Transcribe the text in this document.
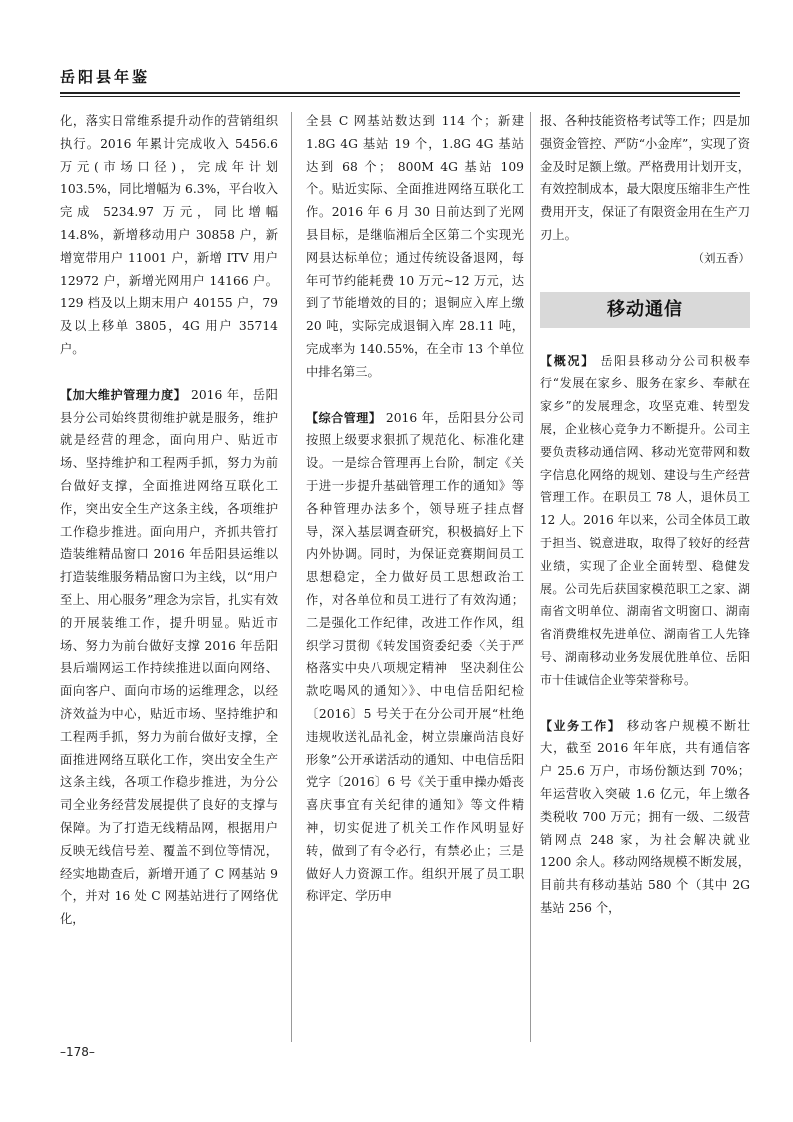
岳阳县年鉴

化，落实日常维系提升动作的营销组织执行。2016 年累计完成收入 5456.6 万元(市场口径)，完成年计划 103.5%，同比增幅为 6.3%，平台收入完成 5234.97 万元，同比增幅 14.8%，新增移动用户 30858 户，新增宽带用户 11001 户，新增 ITV 用户 12972 户，新增光网用户 14166 户。129 档及以上期末用户 40155 户，79 及以上移单 3805，4G 用户 35714 户。

【加大维护管理力度】 2016 年，岳阳县分公司始终贯彻维护就是服务，维护就是经营的理念，面向用户、贴近市场、坚持维护和工程两手抓，努力为前台做好支撑，全面推进网络互联化工作，突出安全生产这条主线，各项维护工作稳步推进。面向用户，齐抓共管打造装维精品窗口 2016 年岳阳县运维以打造装维服务精品窗口为主线，以“用户至上、用心服务”理念为宗旨，扎实有效的开展装维工作，提升明显。贴近市场、努力为前台做好支撑 2016 年岳阳县后端网运工作持续推进以面向网络、面向客户、面向市场的运维理念，以经济效益为中心，贴近市场、坚持维护和工程两手抓，努力为前台做好支撑，全面推进网络互联化工作，突出安全生产这条主线，各项工作稳步推进，为分公司全业务经营发展提供了良好的支撑与保障。为了打造无线精品网，根据用户反映无线信号差、覆盖不到位等情况，经实地勘查后，新增开通了 C 网基站 9 个，并对 16 处 C 网基站进行了网络优化，

全县 C 网基站数达到 114 个；新建 1.8G 4G 基站 19 个，1.8G 4G 基站达到 68 个； 800M 4G 基站 109 个。贴近实际、全面推进网络互联化工作。2016 年 6 月 30 日前达到了光网县目标，是继临湘后全区第二个实现光网县达标单位；通过传统设备退网，每年可节约能耗费 10 万元~12 万元，达到了节能增效的目的；退铜应入库上缴 20 吨，实际完成退铜入库 28.11 吨，完成率为 140.55%，在全市 13 个单位中排名第三。

【综合管理】 2016 年，岳阳县分公司按照上级要求狠抓了规范化、标准化建设。一是综合管理再上台阶，制定《关于进一步提升基础管理工作的通知》等各种管理办法多个，领导班子挂点督导，深入基层调查研究，积极搞好上下内外协调。同时，为保证竞赛期间员工思想稳定，全力做好员工思想政治工作，对各单位和员工进行了有效沟通；二是强化工作纪律，改进工作作风，组织学习贯彻《转发国资委纪委〈关于严格落实中央八项规定精神　坚决刹住公款吃喝风的通知〉》、中电信岳阳纪检〔2016〕5 号关于在分公司开展“杜绝违规收送礼品礼金，树立崇廉尚洁良好形象”公开承诺活动的通知、中电信岳阳党字〔2016〕6 号《关于重申操办婚丧喜庆事宜有关纪律的通知》等文件精神，切实促进了机关工作作风明显好转，做到了有令必行，有禁必止；三是做好人力资源工作。组织开展了员工职称评定、学历申

报、各种技能资格考试等工作；四是加强资金管控、严防“小金库”，实现了资金及时足额上缴。严格费用计划开支，有效控制成本，最大限度压缩非生产性费用开支，保证了有限资金用在生产刀刃上。

（刘五香）

移动通信

【概况】 岳阳县移动分公司积极奉行“发展在家乡、服务在家乡、奉献在家乡”的发展理念，攻坚克难、转型发展，企业核心竞争力不断提升。公司主要负责移动通信网、移动光宽带网和数字信息化网络的规划、建设与生产经营管理工作。在职员工 78 人，退休员工 12 人。2016 年以来，公司全体员工敢于担当、锐意进取，取得了较好的经营业绩，实现了企业全面转型、稳健发展。公司先后获国家模范职工之家、湖南省文明单位、湖南省文明窗口、湖南省消费维权先进单位、湖南省工人先锋号、湖南移动业务发展优胜单位、岳阳市十佳诚信企业等荣誉称号。

【业务工作】 移动客户规模不断壮大，截至 2016 年年底，共有通信客户 25.6 万户，市场份额达到 70%；年运营收入突破 1.6 亿元，年上缴各类税收 700 万元；拥有一级、二级营销网点 248 家，为社会解决就业 1200 余人。移动网络规模不断发展，目前共有移动基站 580 个（其中 2G 基站 256 个，

–178–
